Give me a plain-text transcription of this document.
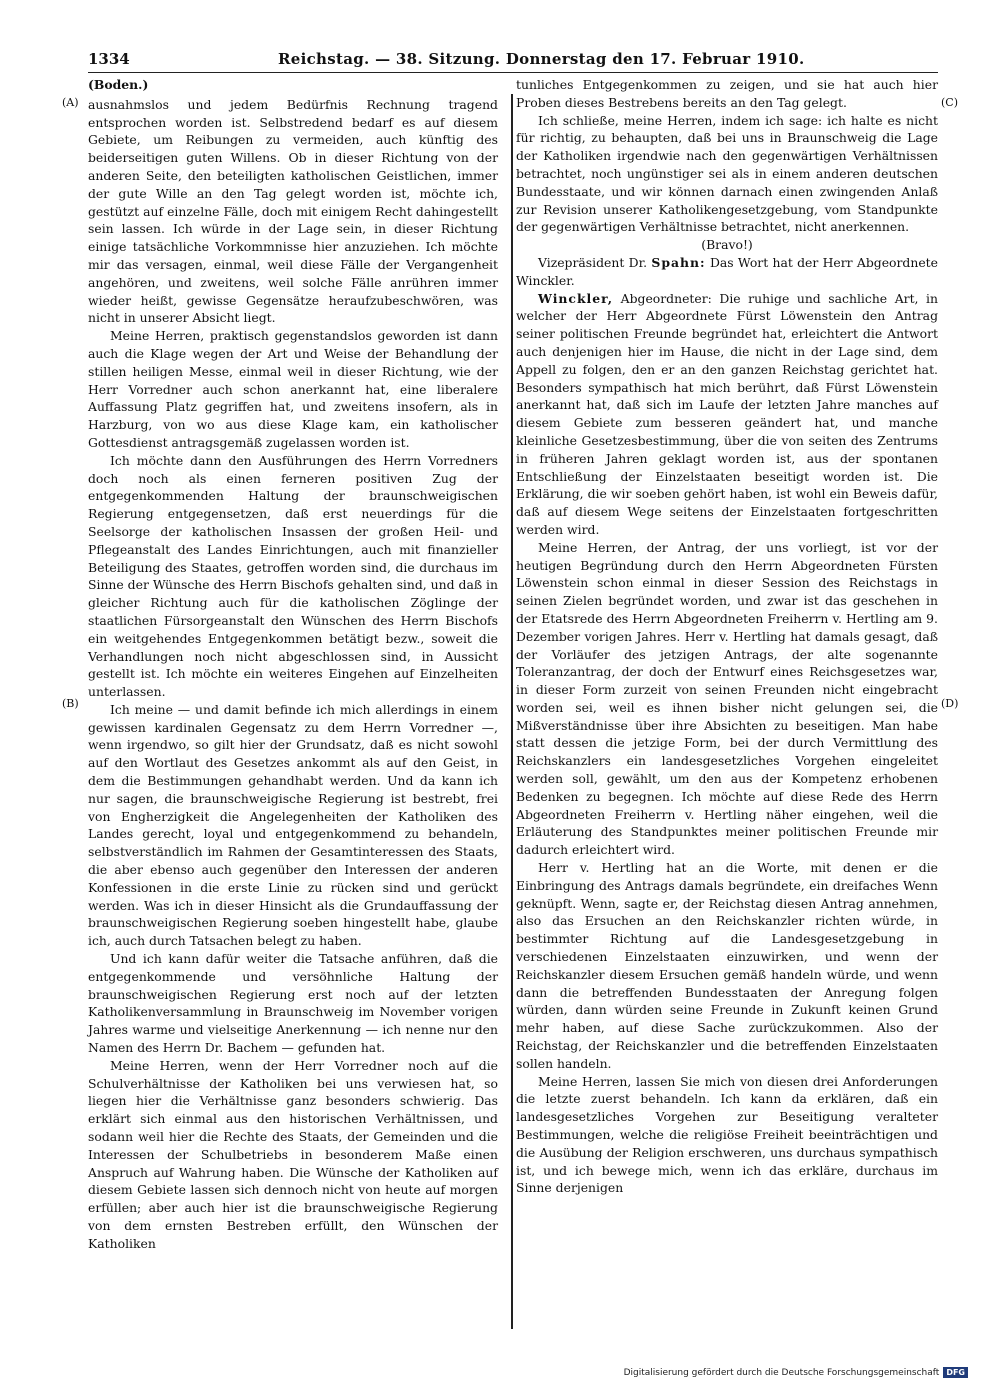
1334	Reichstag. — 38. Sitzung. Donnerstag den 17. Februar 1910.
(A)
(B)
(C)
(D)
(Boden.)

ausnahmslos und jedem Bedürfnis Rechnung tragend entsprochen worden ist. Selbstredend bedarf es auf diesem Gebiete, um Reibungen zu vermeiden, auch künftig des beiderseitigen guten Willens. Ob in dieser Richtung von der anderen Seite, den beteiligten katholischen Geistlichen, immer der gute Wille an den Tag gelegt worden ist, möchte ich, gestützt auf einzelne Fälle, doch mit einigem Recht dahingestellt sein lassen. Ich würde in der Lage sein, in dieser Richtung einige tatsächliche Vorkommnisse hier anzuziehen. Ich möchte mir das versagen, einmal, weil diese Fälle der Vergangenheit angehören, und zweitens, weil solche Fälle anrühren immer wieder heißt, gewisse Gegensätze heraufzubeschwören, was nicht in unserer Absicht liegt.

Meine Herren, praktisch gegenstandslos geworden ist dann auch die Klage wegen der Art und Weise der Behandlung der stillen heiligen Messe, einmal weil in dieser Richtung, wie der Herr Vorredner auch schon anerkannt hat, eine liberalere Auffassung Platz gegriffen hat, und zweitens insofern, als in Harzburg, von wo aus diese Klage kam, ein katholischer Gottesdienst antragsgemäß zugelassen worden ist.

Ich möchte dann den Ausführungen des Herrn Vorredners doch noch als einen ferneren positiven Zug der entgegenkommenden Haltung der braunschweigischen Regierung entgegensetzen, daß erst neuerdings für die Seelsorge der katholischen Insassen der großen Heil- und Pflegeanstalt des Landes Einrichtungen, auch mit finanzieller Beteiligung des Staates, getroffen worden sind, die durchaus im Sinne der Wünsche des Herrn Bischofs gehalten sind, und daß in gleicher Richtung auch für die katholischen Zöglinge der staatlichen Fürsorgeanstalt den Wünschen des Herrn Bischofs ein weitgehendes Entgegenkommen betätigt bezw., soweit die Verhandlungen noch nicht abgeschlossen sind, in Aussicht gestellt ist. Ich möchte ein weiteres Eingehen auf Einzelheiten unterlassen.

Ich meine — und damit befinde ich mich allerdings in einem gewissen kardinalen Gegensatz zu dem Herrn Vorredner —, wenn irgendwo, so gilt hier der Grundsatz, daß es nicht sowohl auf den Wortlaut des Gesetzes ankommt als auf den Geist, in dem die Bestimmungen gehandhabt werden. Und da kann ich nur sagen, die braunschweigische Regierung ist bestrebt, frei von Engherzigkeit die Angelegenheiten der Katholiken des Landes gerecht, loyal und entgegenkommend zu behandeln, selbstverständlich im Rahmen der Gesamtinteressen des Staats, die aber ebenso auch gegenüber den Interessen der anderen Konfessionen in die erste Linie zu rücken sind und gerückt werden. Was ich in dieser Hinsicht als die Grundauffassung der braunschweigischen Regierung soeben hingestellt habe, glaube ich, auch durch Tatsachen belegt zu haben.

Und ich kann dafür weiter die Tatsache anführen, daß die entgegenkommende und versöhnliche Haltung der braunschweigischen Regierung erst noch auf der letzten Katholikenversammlung in Braunschweig im November vorigen Jahres warme und vielseitige Anerkennung — ich nenne nur den Namen des Herrn Dr. Bachem — gefunden hat.

Meine Herren, wenn der Herr Vorredner noch auf die Schulverhältnisse der Katholiken bei uns verwiesen hat, so liegen hier die Verhältnisse ganz besonders schwierig. Das erklärt sich einmal aus den historischen Verhältnissen, und sodann weil hier die Rechte des Staats, der Gemeinden und die Interessen der Schulbetriebs in besonderem Maße einen Anspruch auf Wahrung haben. Die Wünsche der Katholiken auf diesem Gebiete lassen sich dennoch nicht von heute auf morgen erfüllen; aber auch hier ist die braunschweigische Regierung von dem ernsten Bestreben erfüllt, den Wünschen der Katholiken

tunliches Entgegenkommen zu zeigen, und sie hat auch hier Proben dieses Bestrebens bereits an den Tag gelegt.

Ich schließe, meine Herren, indem ich sage: ich halte es nicht für richtig, zu behaupten, daß bei uns in Braunschweig die Lage der Katholiken irgendwie nach den gegenwärtigen Verhältnissen betrachtet, noch ungünstiger sei als in einem anderen deutschen Bundesstaate, und wir können darnach einen zwingenden Anlaß zur Revision unserer Katholikengesetzgebung, vom Standpunkte der gegenwärtigen Verhältnisse betrachtet, nicht anerkennen.

(Bravo!)

Vizepräsident Dr. Spahn: Das Wort hat der Herr Abgeordnete Winckler.

Winckler, Abgeordneter: Die ruhige und sachliche Art, in welcher der Herr Abgeordnete Fürst Löwenstein den Antrag seiner politischen Freunde begründet hat, erleichtert die Antwort auch denjenigen hier im Hause, die nicht in der Lage sind, dem Appell zu folgen, den er an den ganzen Reichstag gerichtet hat. Besonders sympathisch hat mich berührt, daß Fürst Löwenstein anerkannt hat, daß sich im Laufe der letzten Jahre manches auf diesem Gebiete zum besseren geändert hat, und manche kleinliche Gesetzesbestimmung, über die von seiten des Zentrums in früheren Jahren geklagt worden ist, aus der spontanen Entschließung der Einzelstaaten beseitigt worden ist. Die Erklärung, die wir soeben gehört haben, ist wohl ein Beweis dafür, daß auf diesem Wege seitens der Einzelstaaten fortgeschritten werden wird.

Meine Herren, der Antrag, der uns vorliegt, ist vor der heutigen Begründung durch den Herrn Abgeordneten Fürsten Löwenstein schon einmal in dieser Session des Reichstags in seinen Zielen begründet worden, und zwar ist das geschehen in der Etatsrede des Herrn Abgeordneten Freiherrn v. Hertling am 9. Dezember vorigen Jahres. Herr v. Hertling hat damals gesagt, daß der Vorläufer des jetzigen Antrags, der alte sogenannte Toleranzantrag, der doch der Entwurf eines Reichsgesetzes war, in dieser Form zurzeit von seinen Freunden nicht eingebracht worden sei, weil es ihnen bisher nicht gelungen sei, die Mißverständnisse über ihre Absichten zu beseitigen. Man habe statt dessen die jetzige Form, bei der durch Vermittlung des Reichskanzlers ein landesgesetzliches Vorgehen eingeleitet werden soll, gewählt, um den aus der Kompetenz erhobenen Bedenken zu begegnen. Ich möchte auf diese Rede des Herrn Abgeordneten Freiherrn v. Hertling näher eingehen, weil die Erläuterung des Standpunktes meiner politischen Freunde mir dadurch erleichtert wird.

Herr v. Hertling hat an die Worte, mit denen er die Einbringung des Antrags damals begründete, ein dreifaches Wenn geknüpft. Wenn, sagte er, der Reichstag diesen Antrag annehmen, also das Ersuchen an den Reichskanzler richten würde, in bestimmter Richtung auf die Landesgesetzgebung in verschiedenen Einzelstaaten einzuwirken, und wenn der Reichskanzler diesem Ersuchen gemäß handeln würde, und wenn dann die betreffenden Bundesstaaten der Anregung folgen würden, dann würden seine Freunde in Zukunft keinen Grund mehr haben, auf diese Sache zurückzukommen. Also der Reichstag, der Reichskanzler und die betreffenden Einzelstaaten sollen handeln.

Meine Herren, lassen Sie mich von diesen drei Anforderungen die letzte zuerst behandeln. Ich kann da erklären, daß ein landesgesetzliches Vorgehen zur Beseitigung veralteter Bestimmungen, welche die religiöse Freiheit beeinträchtigen und die Ausübung der Religion erschweren, uns durchaus sympathisch ist, und ich bewege mich, wenn ich das erkläre, durchaus im Sinne derjenigen

Digitalisierung gefördert durch die Deutsche Forschungsgemeinschaft DFG
